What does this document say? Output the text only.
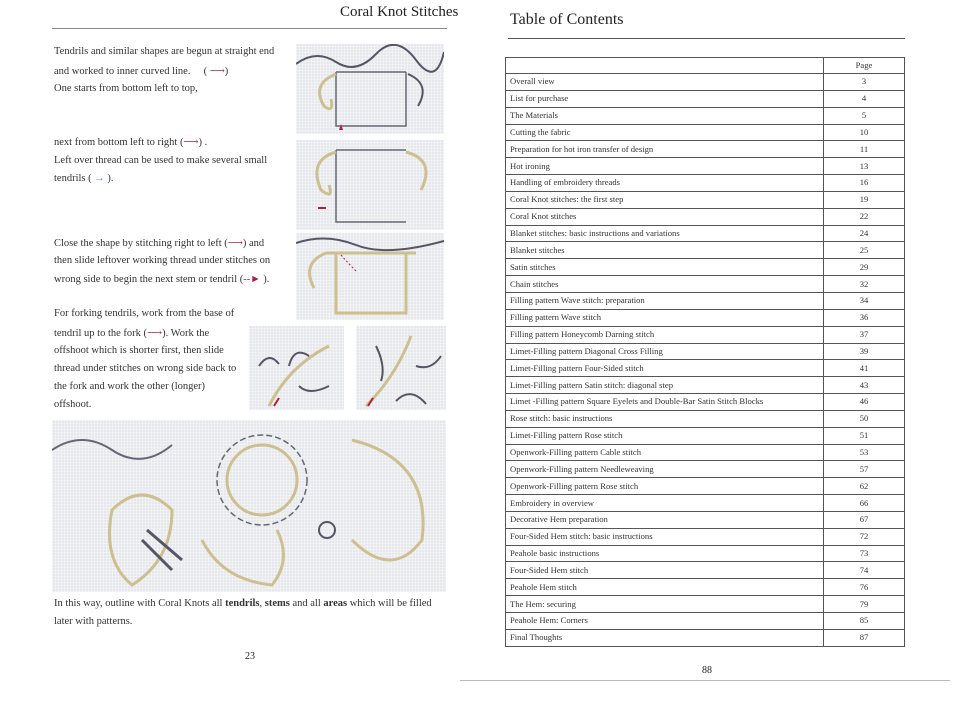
Coral Knot Stitches
Tendrils and similar shapes are begun at straight end
and worked to inner curved line.     ( ⟶)
One starts from bottom left to top,
next from bottom left to right (⟶) .
Left over thread can be used to make several small
tendrils ( → ).
Close the shape by stitching right to left (⟶) and
then slide leftover working thread under stitches on
wrong side to begin the next stem or tendril (--► ).
For forking tendrils, work from the base of
tendril up to the fork (⟶). Work the
offshoot which is shorter first, then slide
thread under stitches on wrong side back to
the fork and work the other (longer)
offshoot.
In this way, outline with Coral Knots all tendrils, stems and all areas which will be filled
later with patterns.
23
Table of Contents
	Page
Overall view	3
List for purchase	4
The Materials	5
Cutting the fabric	10
Preparation for hot iron transfer of design	11
Hot ironing	13
Handling of embroidery threads	16
Coral Knot stitches: the first step	19
Coral Knot stitches	22
Blanket stitches: basic instructions and variations	24
Blanket stitches	25
Satin stitches	29
Chain stitches	32
Filling pattern Wave stitch: preparation	34
Filling pattern Wave stitch	36
Filling pattern Honeycomb Darning stitch	37
Limet-Filling pattern Diagonal Cross Filling	39
Limet-Filling pattern Four-Sided stitch	41
Limet-Filling pattern Satin stitch: diagonal step	43
Limet -Filling pattern Square Eyelets and Double-Bar Satin Stitch Blocks	46
Rose stitch: basic instructions	50
Limet-Filling pattern Rose stitch	51
Openwork-Filling pattern Cable stitch	53
Openwork-Filling pattern Needleweaving	57
Openwork-Filling pattern Rose stitch	62
Embroidery in overview	66
Decorative Hem preparation	67
Four-Sided Hem stitch: basic instructions	72
Peahole basic instructions	73
Four-Sided Hem stitch	74
Peahole Hem stitch	76
The Hem: securing	79
Peahole Hem: Corners	85
Final Thoughts	87
88
